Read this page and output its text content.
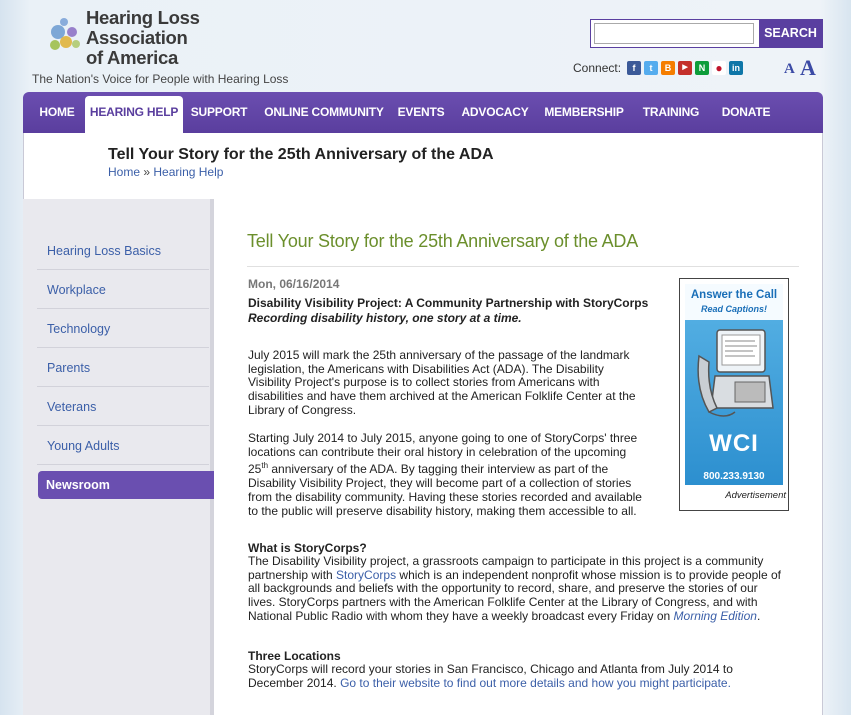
Hearing Loss
Association
of America
The Nation's Voice for People with Hearing Loss
SEARCH
Connect:	f	t	B	▶	N ●	in	A A
HOME	HEARING HELP	SUPPORT	ONLINE COMMUNITY	EVENTS	ADVOCACY	MEMBERSHIP	TRAINING	DONATE
Tell Your Story for the 25th Anniversary of the ADA
Home » Hearing Help
Hearing Loss Basics
Workplace
Technology
Parents
Veterans
Young Adults
Newsroom
Tell Your Story for the 25th Anniversary of the ADA
Mon, 06/16/2014
Disability Visibility Project: A Community Partnership with StoryCorps
Recording disability history, one story at a time.
July 2015 will mark the 25th anniversary of the passage of the landmark legislation, the Americans with Disabilities Act (ADA). The Disability Visibility Project's purpose is to collect stories from Americans with disabilities and have them archived at the American Folklife Center at the Library of Congress.
Starting July 2014 to July 2015, anyone going to one of StoryCorps' three locations can contribute their oral history in celebration of the upcoming 25th anniversary of the ADA. By tagging their interview as part of the Disability Visibility Project, they will become part of a collection of stories from the disability community. Having these stories recorded and available to the public will preserve disability history, making them accessible to all.
What is StoryCorps?
The Disability Visibility project, a grassroots campaign to participate in this project is a community partnership with StoryCorps which is an independent nonprofit whose mission is to provide people of all backgrounds and beliefs with the opportunity to record, share, and preserve the stories of our lives. StoryCorps partners with the American Folklife Center at the Library of Congress, and with National Public Radio with whom they have a weekly broadcast every Friday on Morning Edition.
Three Locations
StoryCorps will record your stories in San Francisco, Chicago and Atlanta from July 2014 to December 2014. Go to their website to find out more details and how you might participate.
Answer the Call
Read Captions!
WCI
800.233.9130
Advertisement
